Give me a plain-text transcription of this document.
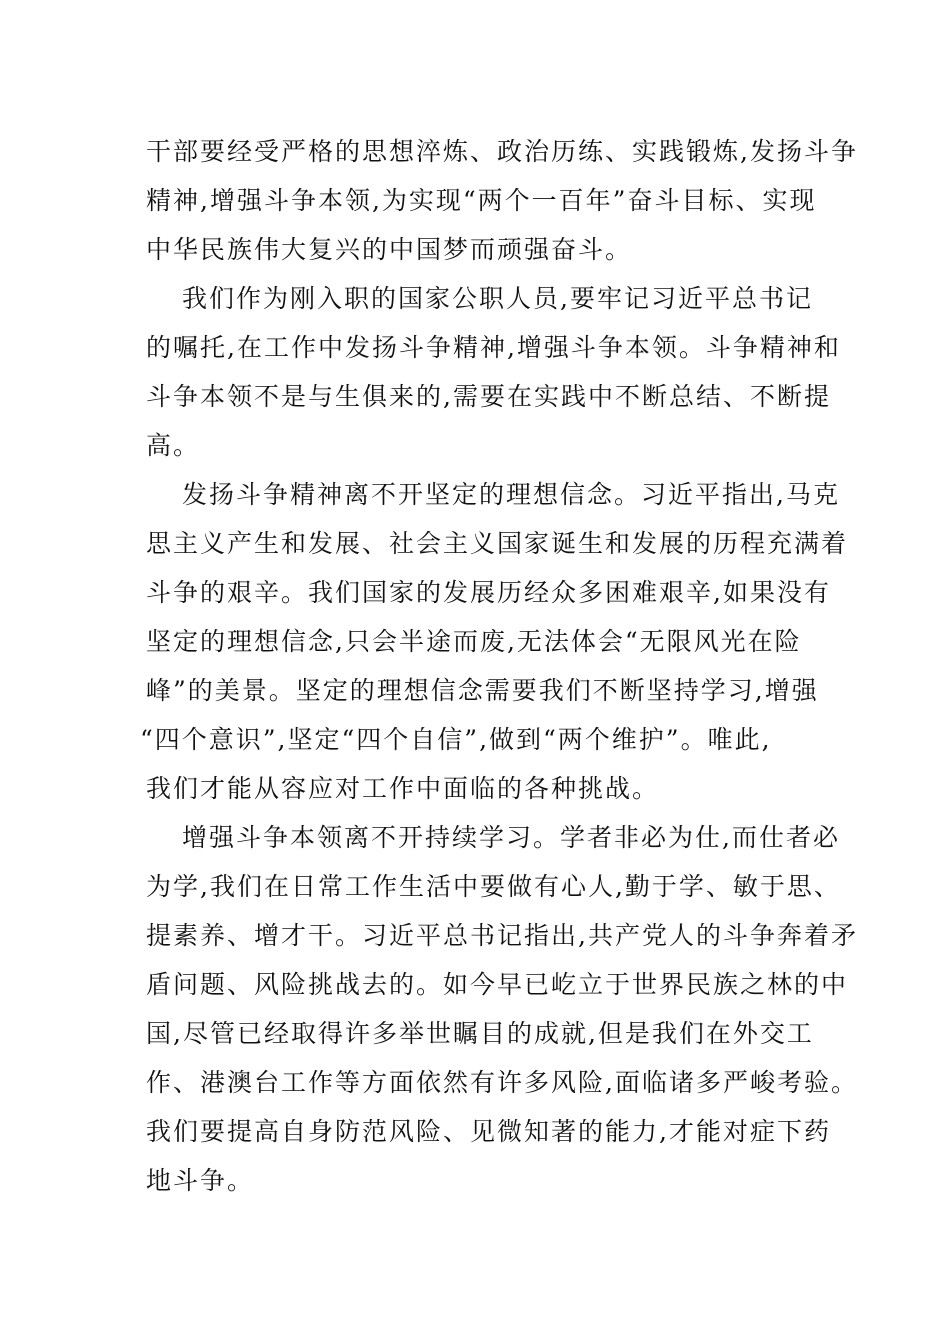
干部要经受严格的思想淬炼、政治历练、实践锻炼,发扬斗争
精神,增强斗争本领,为实现“两个一百年”奋斗目标、实现
中华民族伟大复兴的中国梦而顽强奋斗。
我们作为刚入职的国家公职人员,要牢记习近平总书记
的嘱托,在工作中发扬斗争精神,增强斗争本领。斗争精神和
斗争本领不是与生俱来的,需要在实践中不断总结、不断提
高。
发扬斗争精神离不开坚定的理想信念。习近平指出,马克
思主义产生和发展、社会主义国家诞生和发展的历程充满着
斗争的艰辛。我们国家的发展历经众多困难艰辛,如果没有
坚定的理想信念,只会半途而废,无法体会“无限风光在险
峰”的美景。坚定的理想信念需要我们不断坚持学习,增强
“四个意识”,坚定“四个自信”,做到“两个维护”。唯此,
我们才能从容应对工作中面临的各种挑战。
增强斗争本领离不开持续学习。学者非必为仕,而仕者必
为学,我们在日常工作生活中要做有心人,勤于学、敏于思、
提素养、增才干。习近平总书记指出,共产党人的斗争奔着矛
盾问题、风险挑战去的。如今早已屹立于世界民族之林的中
国,尽管已经取得许多举世瞩目的成就,但是我们在外交工
作、港澳台工作等方面依然有许多风险,面临诸多严峻考验。
我们要提高自身防范风险、见微知著的能力,才能对症下药
地斗争。
